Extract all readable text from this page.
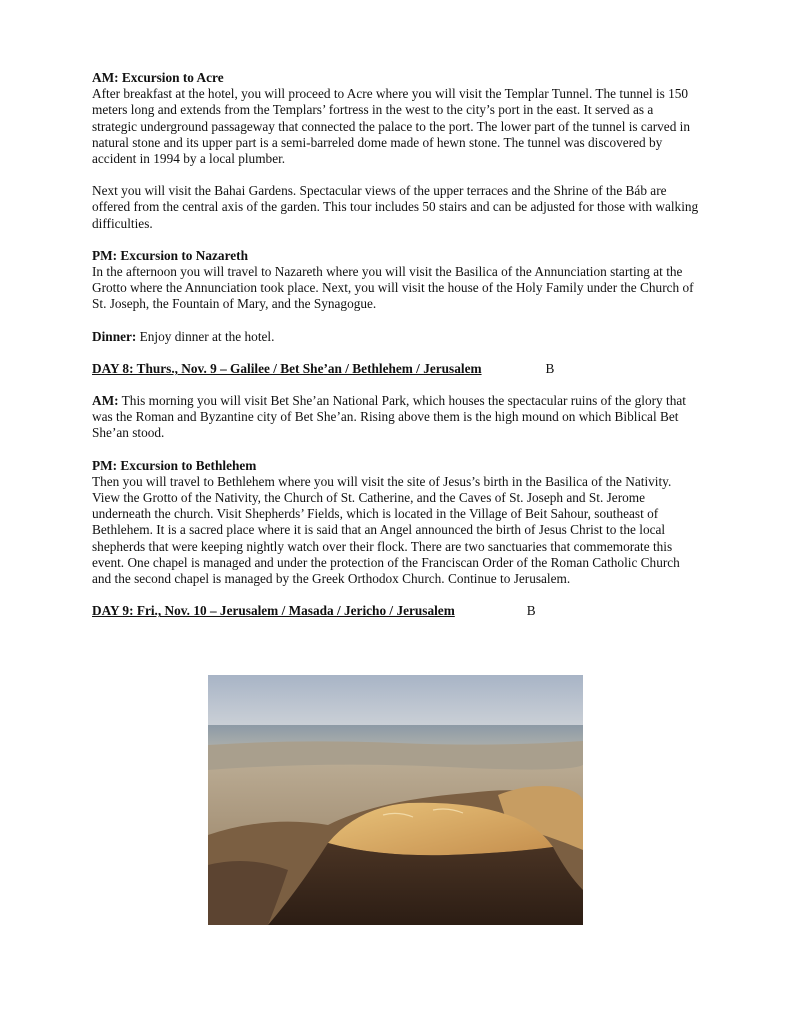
AM: Excursion to Acre

After breakfast at the hotel, you will proceed to Acre where you will visit the Templar Tunnel. The tunnel is 150 meters long and extends from the Templars’ fortress in the west to the city’s port in the east. It served as a strategic underground passageway that connected the palace to the port. The lower part of the tunnel is carved in natural stone and its upper part is a semi-barreled dome made of hewn stone. The tunnel was discovered by accident in 1994 by a local plumber.

Next you will visit the Bahai Gardens. Spectacular views of the upper terraces and the Shrine of the Báb are offered from the central axis of the garden. This tour includes 50 stairs and can be adjusted for those with walking difficulties.

PM: Excursion to Nazareth

In the afternoon you will travel to Nazareth where you will visit the Basilica of the Annunciation starting at the Grotto where the Annunciation took place. Next, you will visit the house of the Holy Family under the Church of St. Joseph, the Fountain of Mary, and the Synagogue.

Dinner: Enjoy dinner at the hotel.

DAY 8: Thurs., Nov. 9 – Galilee / Bet She’an / Bethlehem / Jerusalem	B

AM: This morning you will visit Bet She’an National Park, which houses the spectacular ruins of the glory that was the Roman and Byzantine city of Bet She’an. Rising above them is the high mound on which Biblical Bet She’an stood.

PM: Excursion to Bethlehem

Then you will travel to Bethlehem where you will visit the site of Jesus’s birth in the Basilica of the Nativity. View the Grotto of the Nativity, the Church of St. Catherine, and the Caves of St. Joseph and St. Jerome underneath the church. Visit Shepherds’ Fields, which is located in the Village of Beit Sahour, southeast of Bethlehem. It is a sacred place where it is said that an Angel announced the birth of Jesus Christ to the local shepherds that were keeping nightly watch over their flock. There are two sanctuaries that commemorate this event. One chapel is managed and under the protection of the Franciscan Order of the Roman Catholic Church and the second chapel is managed by the Greek Orthodox Church. Continue to Jerusalem.

DAY 9: Fri., Nov. 10 – Jerusalem / Masada / Jericho / Jerusalem	B
